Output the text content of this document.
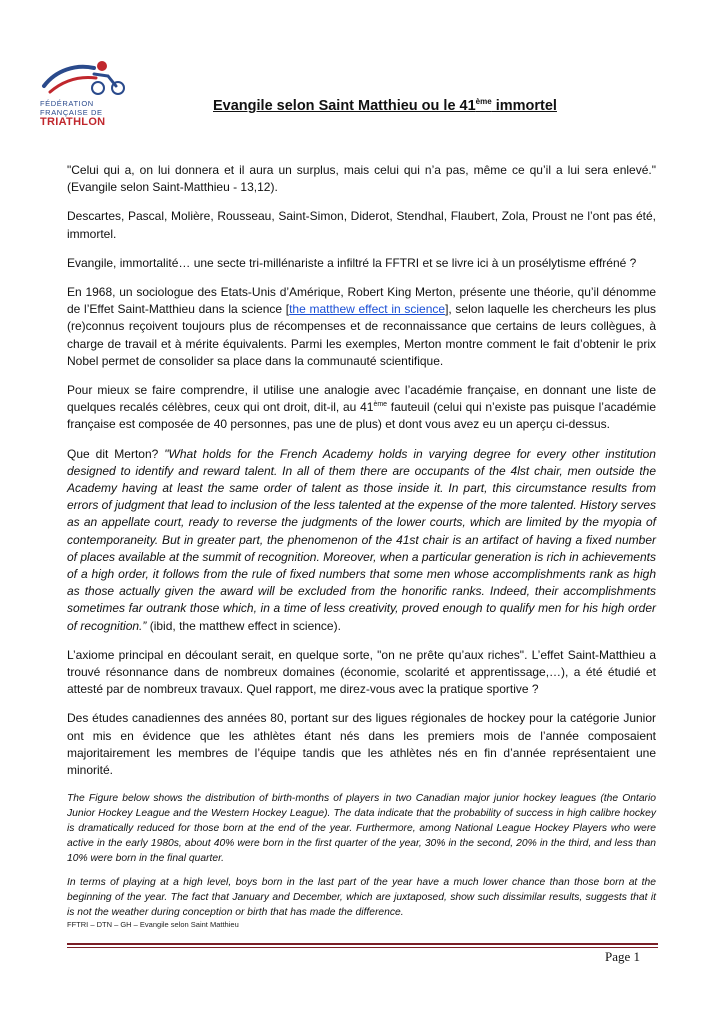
FÉDÉRATION
FRANÇAISE DE
TRIATHLON
Evangile selon Saint Matthieu ou le 41ème immortel

"Celui qui a, on lui donnera et il aura un surplus, mais celui qui n’a pas, même ce qu’il a lui sera enlevé." (Evangile selon Saint-Matthieu - 13,12).

Descartes, Pascal, Molière, Rousseau, Saint-Simon, Diderot, Stendhal, Flaubert, Zola, Proust ne l’ont pas été, immortel.

Evangile, immortalité… une secte tri-millénariste a infiltré la FFTRI et se livre ici à un prosélytisme effréné ?

En 1968, un sociologue des Etats-Unis d’Amérique, Robert King Merton, présente une théorie, qu’il dénomme de l’Effet Saint-Matthieu dans la science [the matthew effect in science], selon laquelle les chercheurs les plus (re)connus reçoivent toujours plus de récompenses et de reconnaissance que certains de leurs collègues, à charge de travail et à mérite équivalents. Parmi les exemples, Merton montre comment le fait d’obtenir le prix Nobel permet de consolider sa place dans la communauté scientifique.

Pour mieux se faire comprendre, il utilise une analogie avec l’académie française, en donnant une liste de quelques recalés célèbres, ceux qui ont droit, dit-il, au 41ème fauteuil (celui qui n’existe pas puisque l’académie française est composée de 40 personnes, pas une de plus) et dont vous avez eu un aperçu ci-dessus.

Que dit Merton? "What holds for the French Academy holds in varying degree for every other institution designed to identify and reward talent. In all of them there are occupants of the 4lst chair, men outside the Academy having at least the same order of talent as those inside it. In part, this circumstance results from errors of judgment that lead to inclusion of the less talented at the expense of the more talented. History serves as an appellate court, ready to reverse the judgments of the lower courts, which are limited by the myopia of contemporaneity. But in greater part, the phenomenon of the 41st chair is an artifact of having a fixed number of places available at the summit of recognition. Moreover, when a particular generation is rich in achievements of a high order, it follows from the rule of fixed numbers that some men whose accomplishments rank as high as those actually given the award will be excluded from the honorific ranks. Indeed, their accomplishments sometimes far outrank those which, in a time of less creativity, proved enough to qualify men for his high order of recognition.” (ibid, the matthew effect in science).

L’axiome principal en découlant serait, en quelque sorte, "on ne prête qu’aux riches". L’effet Saint-Matthieu a trouvé résonnance dans de nombreux domaines (économie, scolarité et apprentissage,…), a été étudié et attesté par de nombreux travaux. Quel rapport, me direz-vous avec la pratique sportive ?

Des études canadiennes des années 80, portant sur des ligues régionales de hockey pour la catégorie Junior ont mis en évidence que les athlètes étant nés dans les premiers mois de l’année composaient majoritairement les membres de l’équipe tandis que les athlètes nés en fin d’année représentaient une minorité.

The Figure below shows the distribution of birth-months of players in two Canadian major junior hockey leagues (the Ontario Junior Hockey League and the Western Hockey League). The data indicate that the probability of success in high calibre hockey is dramatically reduced for those born at the end of the year. Furthermore, among National League Hockey Players who were active in the early 1980s, about 40% were born in the first quarter of the year, 30% in the second, 20% in the third, and less than 10% were born in the final quarter.

In terms of playing at a high level, boys born in the last part of the year have a much lower chance than those born at the beginning of the year. The fact that January and December, which are juxtaposed, show such dissimilar results, suggests that it is not the weather during conception or birth that has made the difference.

FFTRI – DTN – GH – Evangile selon Saint Matthieu
Page 1
